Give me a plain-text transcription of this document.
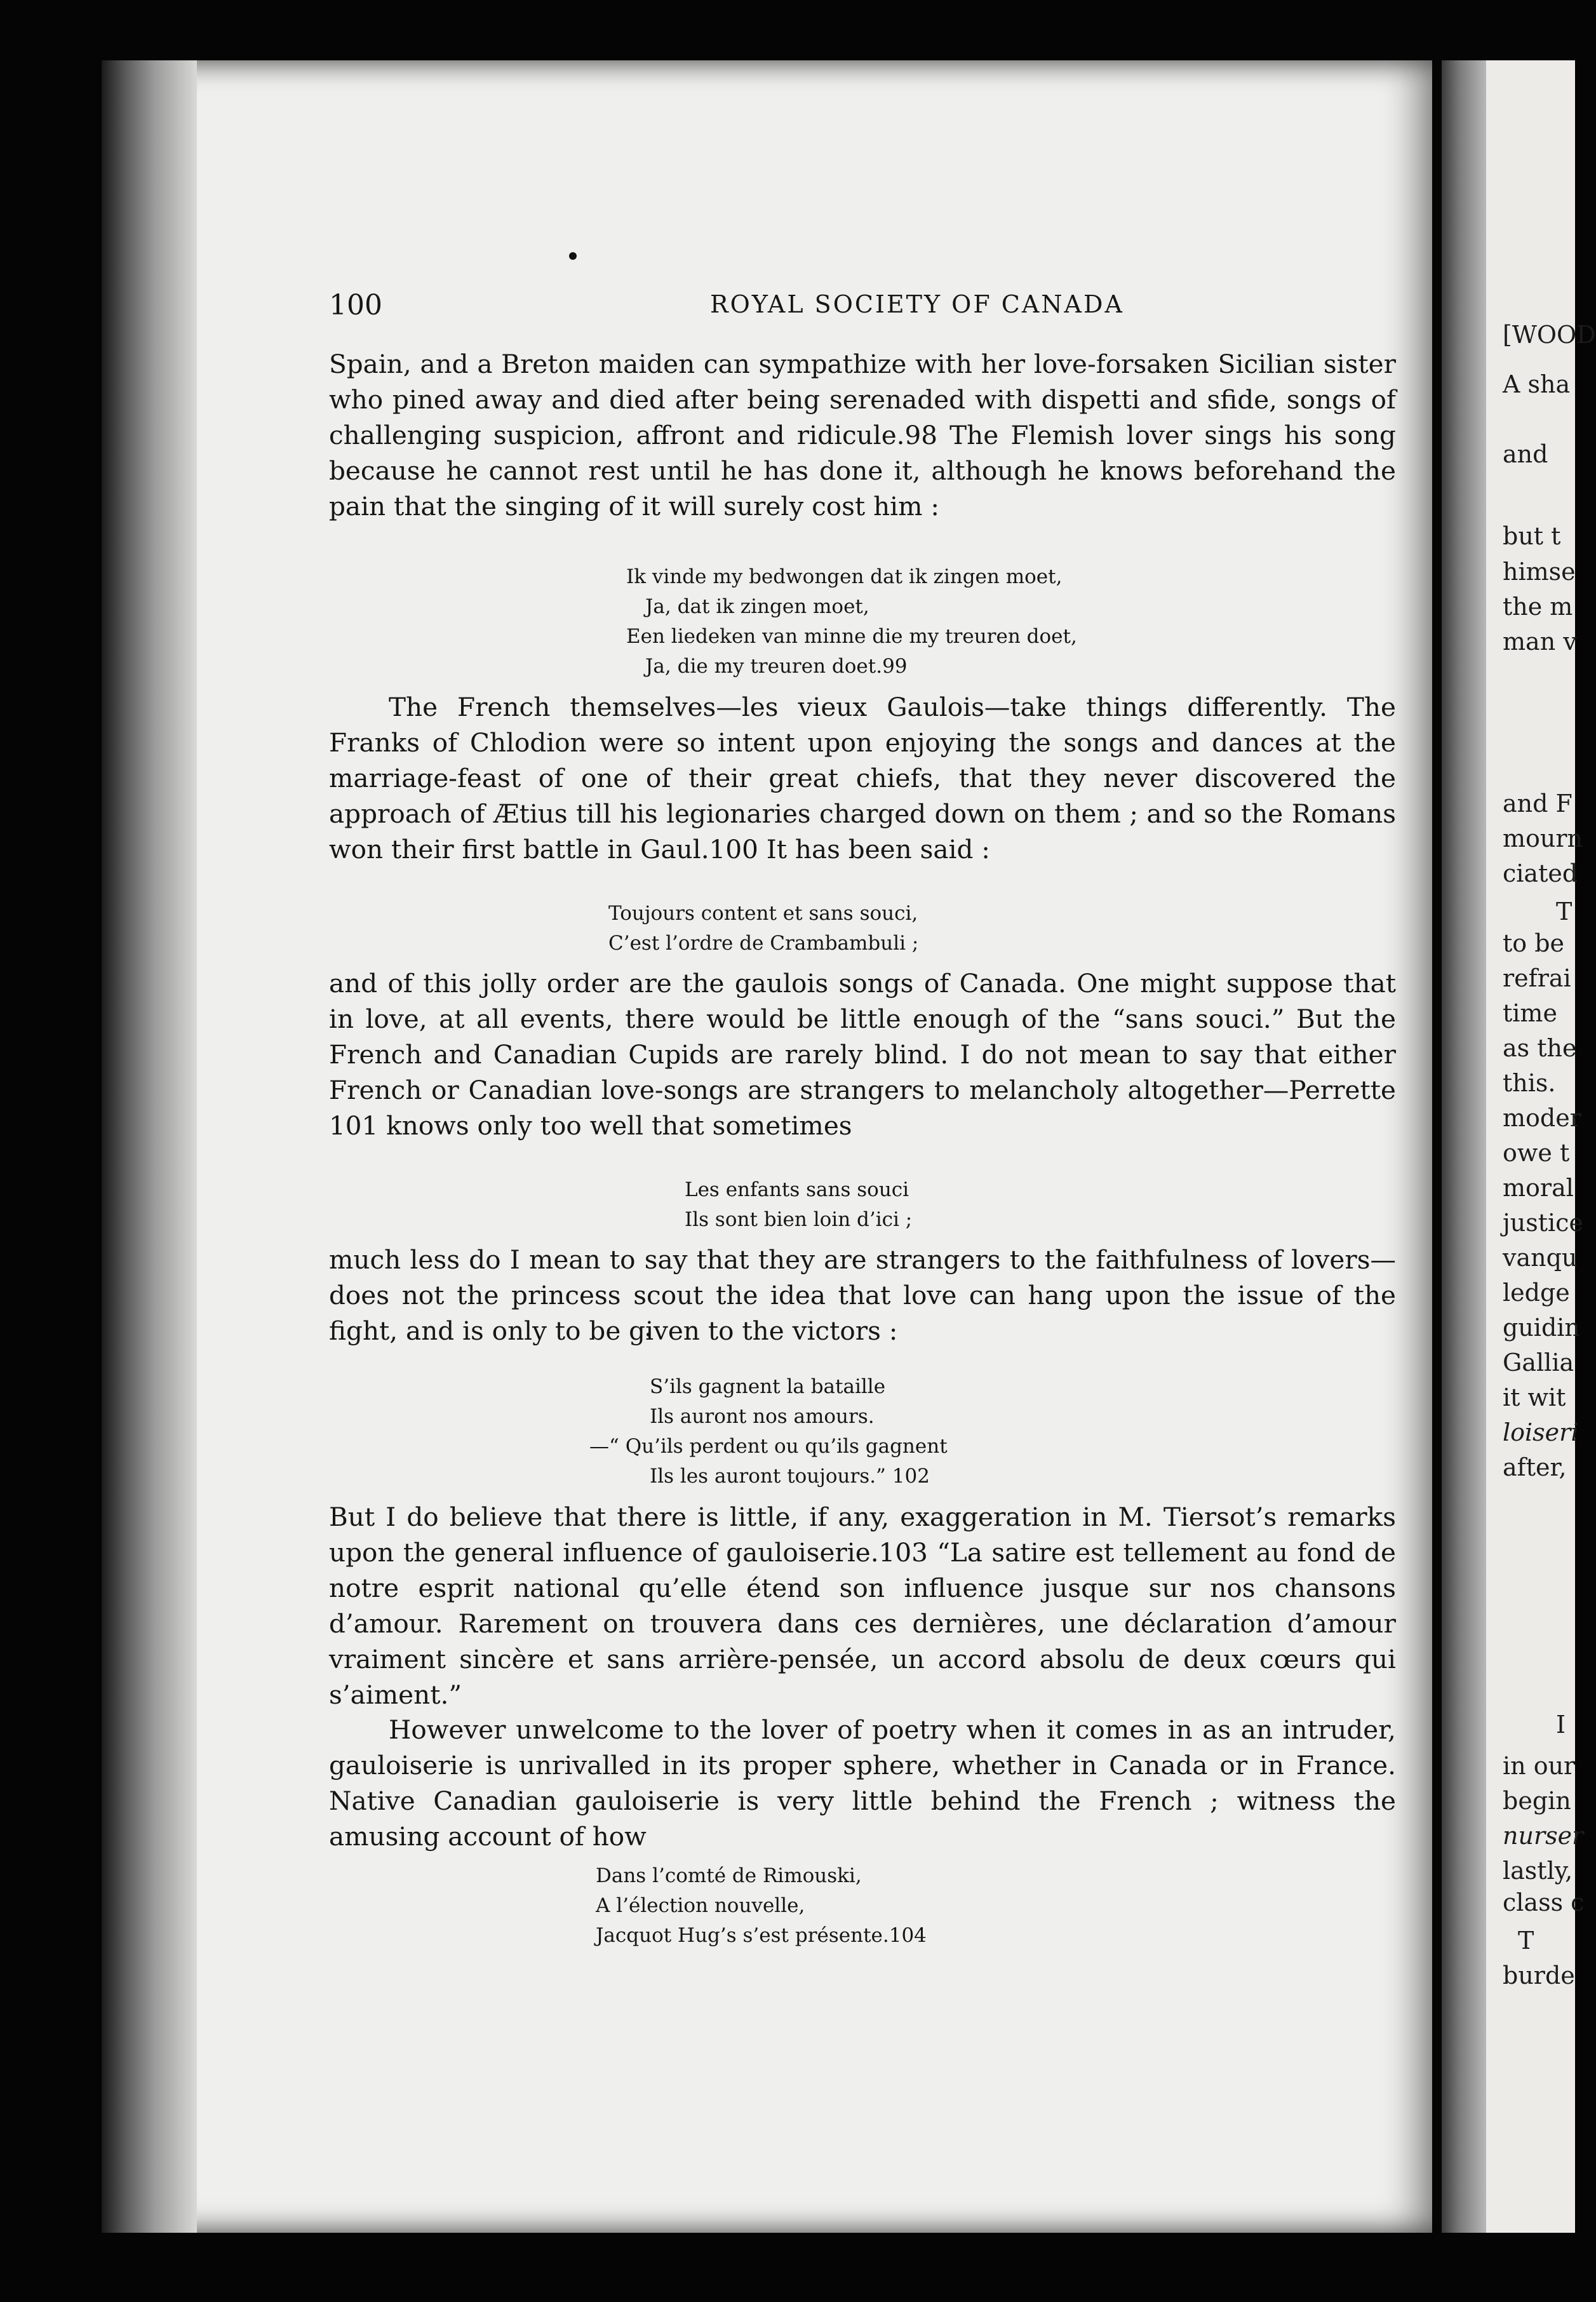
[WOOD
A sha
and
but t
himse
the m
man v
and F
mourn
ciated
T
to be
refrai
time
as the
this.
moder
owe t
moral
justice
vanqu
ledge
guidin
Gallia
it wit
loiseri
after,
I
in our
begin
nurser
lastly,
class c
T
burde
100	ROYAL SOCIETY OF CANADA

Spain, and a Breton maiden can sympathize with her love-forsaken Sicilian sister who pined away and died after being serenaded with dispetti and sfide, songs of challenging suspicion, affront and ridicule.98 The Flemish lover sings his song because he cannot rest until he has done it, although he knows beforehand the pain that the singing of it will surely cost him :

Ik vinde my bedwongen dat ik zingen moet,
Ja, dat ik zingen moet,
Een liedeken van minne die my treuren doet,
Ja, die my treuren doet.99

The French themselves—les vieux Gaulois—take things differently. The Franks of Chlodion were so intent upon enjoying the songs and dances at the marriage-feast of one of their great chiefs, that they never discovered the approach of Ætius till his legionaries charged down on them ; and so the Romans won their first battle in Gaul.100 It has been said :

Toujours content et sans souci,
C’est l’ordre de Crambambuli ;

and of this jolly order are the gaulois songs of Canada. One might suppose that in love, at all events, there would be little enough of the “sans souci.” But the French and Canadian Cupids are rarely blind. I do not mean to say that either French or Canadian love-songs are strangers to melancholy altogether—Perrette 101 knows only too well that sometimes

Les enfants sans souci
Ils sont bien loin d’ici ;

much less do I mean to say that they are strangers to the faithfulness of lovers—does not the princess scout the idea that love can hang upon the issue of the fight, and is only to be given to the victors :

S’ils gagnent la bataille
Ils auront nos amours.
—“ Qu’ils perdent ou qu’ils gagnent
Ils les auront toujours.” 102

But I do believe that there is little, if any, exaggeration in M. Tiersot’s remarks upon the general influence of gauloiserie.103 “La satire est tellement au fond de notre esprit national qu’elle étend son influence jusque sur nos chansons d’amour. Rarement on trouvera dans ces dernières, une déclaration d’amour vraiment sincère et sans arrière-pensée, un accord absolu de deux cœurs qui s’aiment.”

However unwelcome to the lover of poetry when it comes in as an intruder, gauloiserie is unrivalled in its proper sphere, whether in Canada or in France. Native Canadian gauloiserie is very little behind the French ; witness the amusing account of how

Dans l’comté de Rimouski,
A l’élection nouvelle,
Jacquot Hug’s s’est présente.104
